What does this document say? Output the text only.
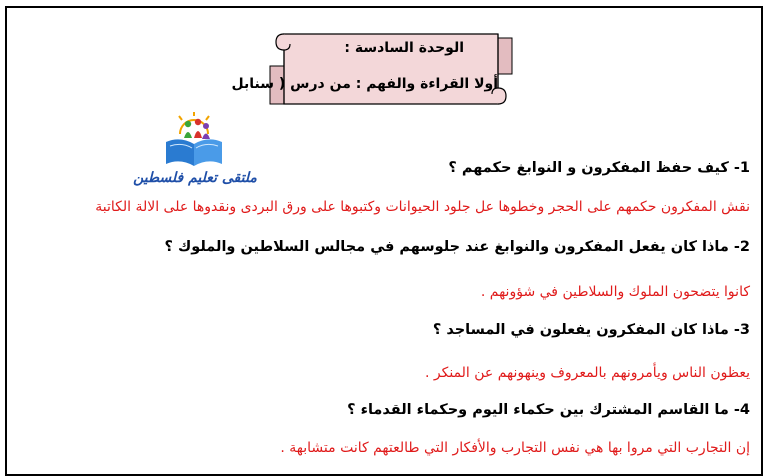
الوحدة السادسة :
أولا القراءة والفهم : من درس ( سنابل
ملتقى تعليم فلسطين
1- كيف حفظ المفكرون و النوابغ حكمهم ؟
نقش المفكرون حكمهم على الحجر وخطوها عل جلود الحيوانات وكتبوها على ورق البردى ونقدوها على الالة الكاتبة
2- ماذا كان يفعل المفكرون والنوابغ عند جلوسهم في مجالس السلاطين والملوك ؟
كانوا يتضحون الملوك والسلاطين في شؤونهم .
3- ماذا كان المفكرون يفعلون في المساجد ؟
يعظون الناس ويأمرونهم بالمعروف وينهونهم عن المنكر .
4- ما القاسم المشترك بين حكماء اليوم وحكماء القدماء ؟
إن التجارب التي مروا بها هي نفس التجارب والأفكار التي طالعتهم كانت متشابهة .
